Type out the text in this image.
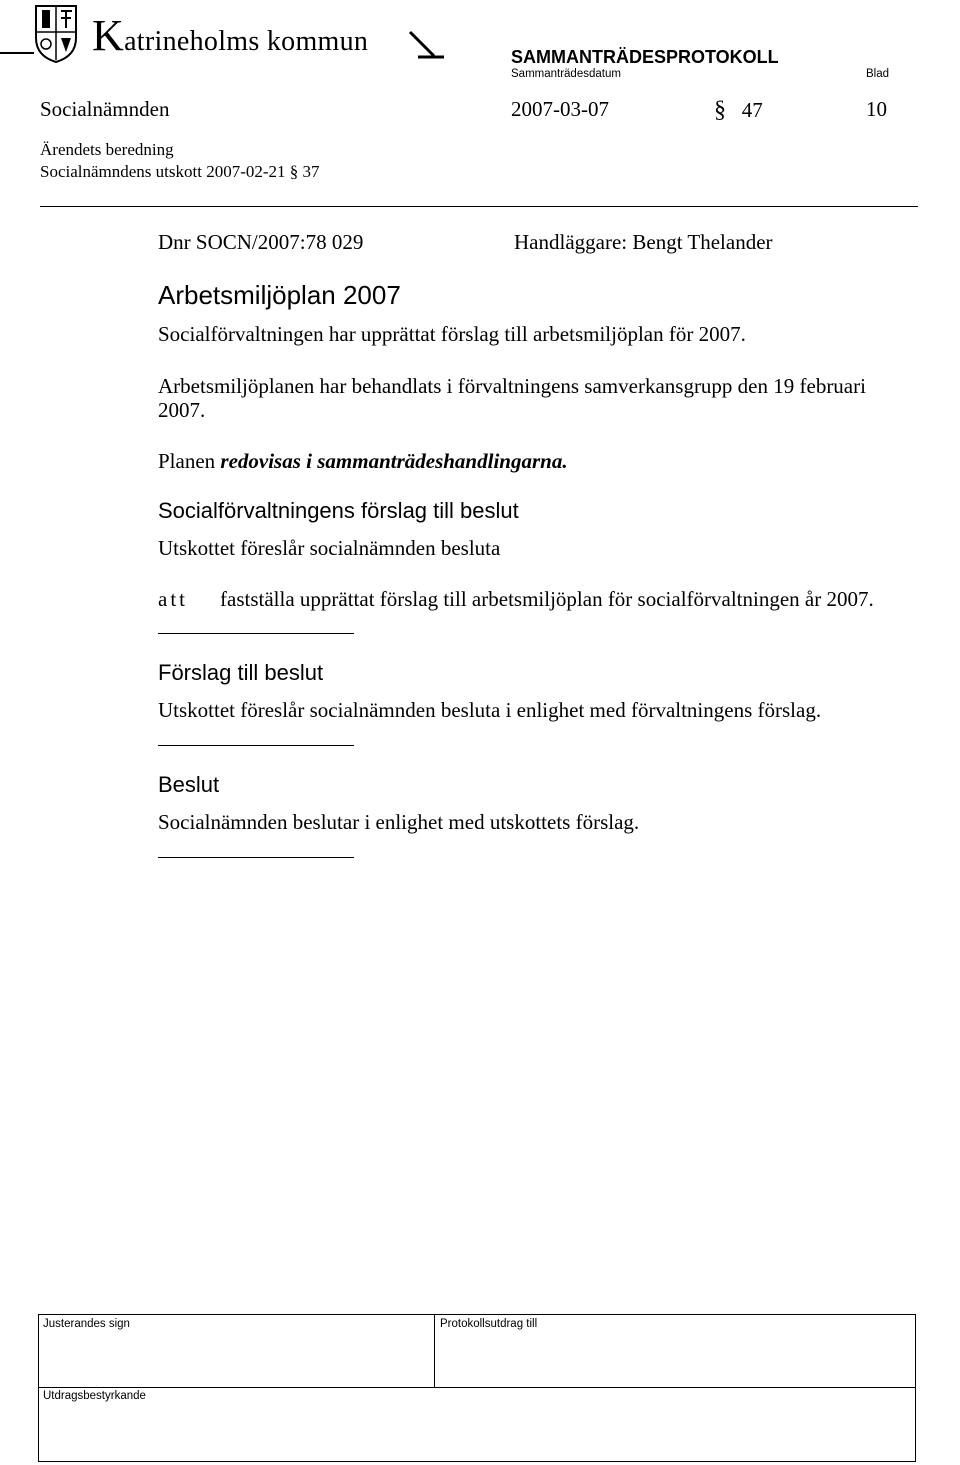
Katrineholms kommun	SAMMANTRÄDESPROTOKOLL
Sammanträdesdatum	Blad
Socialnämnden	2007-03-07	§ 47	10
Ärendets beredning
Socialnämndens utskott 2007-02-21 § 37
Dnr SOCN/2007:78 029	Handläggare: Bengt Thelander
Arbetsmiljöplan 2007
Socialförvaltningen har upprättat förslag till arbetsmiljöplan för 2007.
Arbetsmiljöplanen har behandlats i förvaltningens samverkansgrupp den 19 februari
2007.
Planen redovisas i sammanträdeshandlingarna.
Socialförvaltningens förslag till beslut
Utskottet föreslår socialnämnden besluta
att fastställa upprättat förslag till arbetsmiljöplan för socialförvaltningen år 2007.
Förslag till beslut
Utskottet föreslår socialnämnden besluta i enlighet med förvaltningens förslag.
Beslut
Socialnämnden beslutar i enlighet med utskottets förslag.
Justerandes sign	Protokollsutdrag till
Utdragsbestyrkande
